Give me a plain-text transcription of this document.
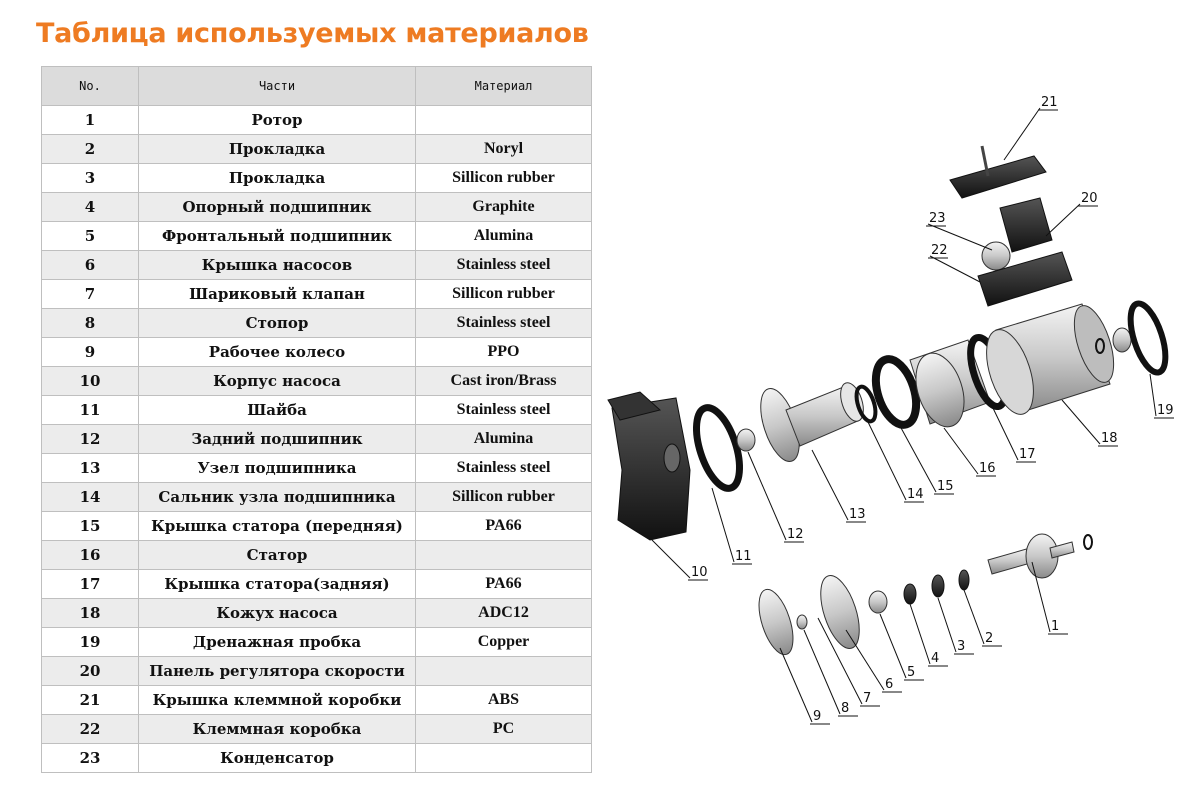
Таблица используемых материалов
No.	Части	Материал
1	Ротор	
2	Прокладка	Noryl
3	Прокладка	Sillicon rubber
4	Опорный подшипник	Graphite
5	Фронтальный подшипник	Alumina
6	Крышка насосов	Stainless steel
7	Шариковый клапан	Sillicon rubber
8	Стопор	Stainless steel
9	Рабочее колесо	PPO
10	Корпус насоса	Cast iron/Brass
11	Шайба	Stainless steel
12	Задний подшипник	Alumina
13	Узел подшипника	Stainless steel
14	Сальник узла подшипника	Sillicon rubber
15	Крышка статора (передняя)	PA66
16	Статор	
17	Крышка статора(задняя)	PA66
18	Кожух насоса	ADC12
19	Дренажная пробка	Copper
20	Панель регулятора скорости	
21	Крышка клеммной коробки	ABS
22	Клеммная коробка	PC
23	Конденсатор	
1
2
3
4
5
6
7
8
9
10
11
12
13
14
15
16
17
18
19
20
21
22
23
